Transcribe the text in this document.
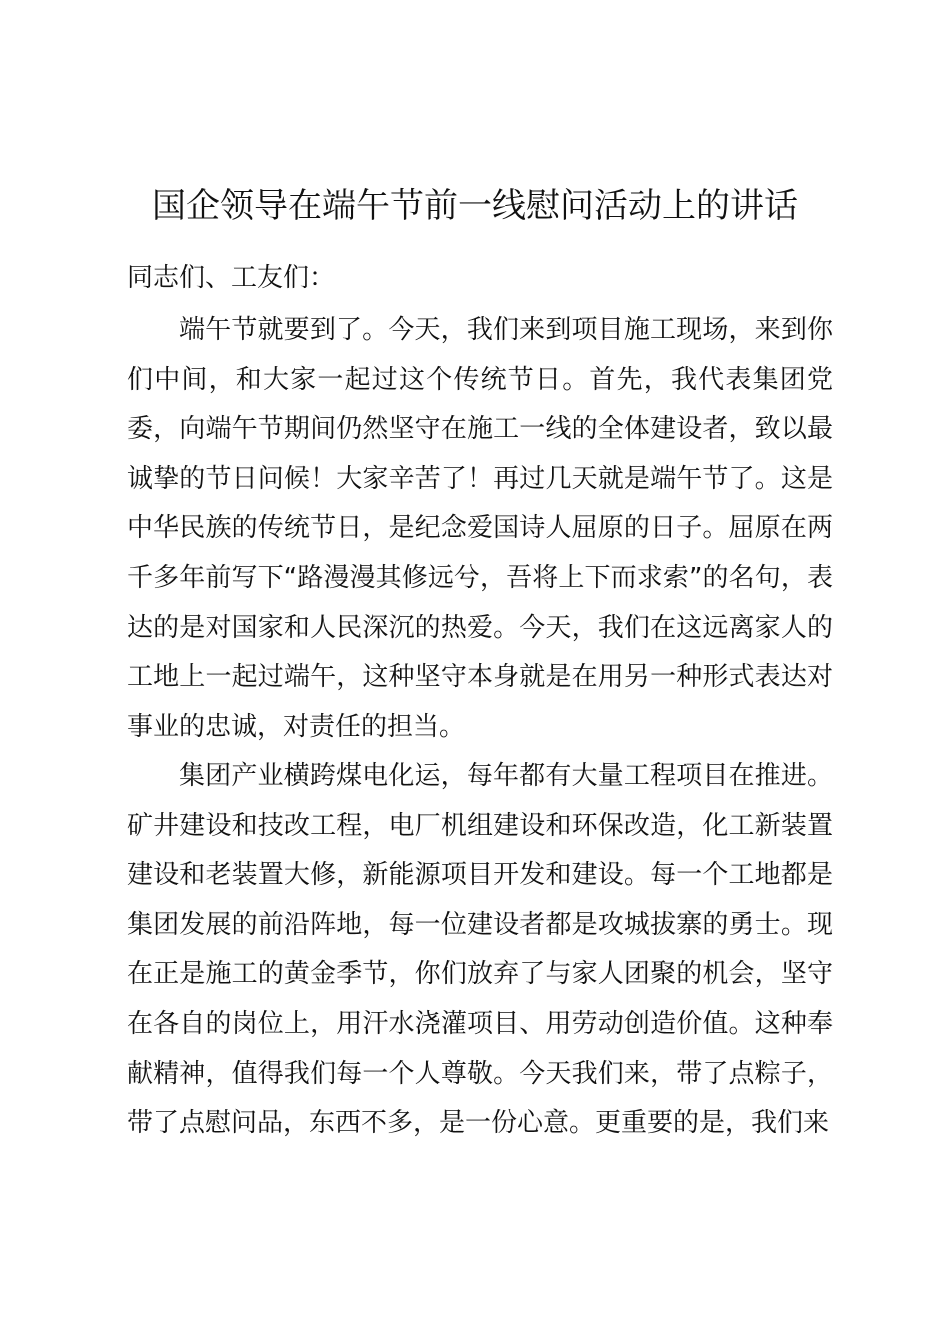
国企领导在端午节前一线慰问活动上的讲话
同志们、工友们：

端午节就要到了。今天，我们来到项目施工现场，来到你们中间，和大家一起过这个传统节日。首先，我代表集团党委，向端午节期间仍然坚守在施工一线的全体建设者，致以最诚挚的节日问候！大家辛苦了！再过几天就是端午节了。这是中华民族的传统节日，是纪念爱国诗人屈原的日子。屈原在两千多年前写下“路漫漫其修远兮，吾将上下而求索”的名句，表达的是对国家和人民深沉的热爱。今天，我们在这远离家人的工地上一起过端午，这种坚守本身就是在用另一种形式表达对事业的忠诚，对责任的担当。

集团产业横跨煤电化运，每年都有大量工程项目在推进。矿井建设和技改工程，电厂机组建设和环保改造，化工新装置建设和老装置大修，新能源项目开发和建设。每一个工地都是集团发展的前沿阵地，每一位建设者都是攻城拔寨的勇士。现在正是施工的黄金季节，你们放弃了与家人团聚的机会，坚守在各自的岗位上，用汗水浇灌项目、用劳动创造价值。这种奉献精神，值得我们每一个人尊敬。今天我们来，带了点粽子，带了点慰问品，东西不多，是一份心意。更重要的是，我们来
